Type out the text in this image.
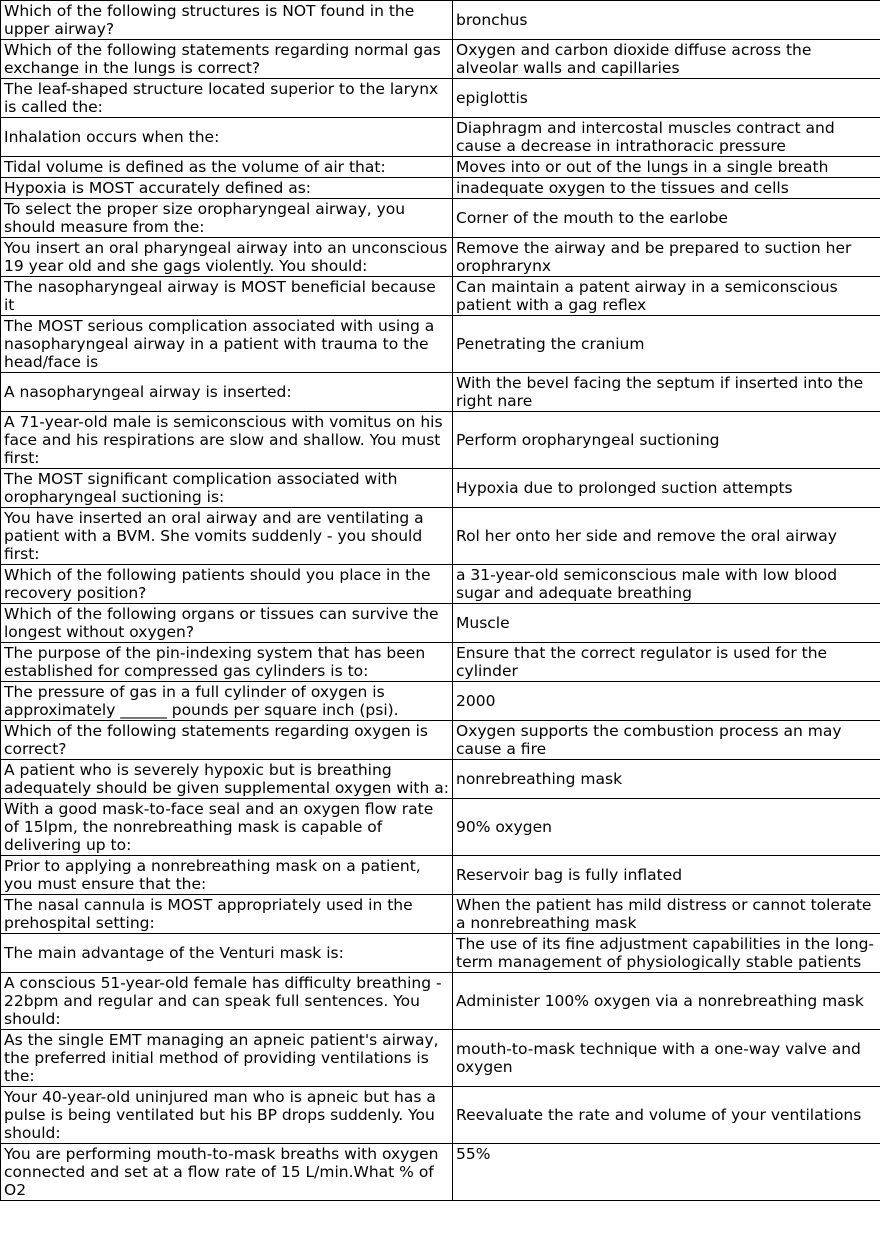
Which of the following structures is NOT found in the upper airway?	bronchus
Which of the following statements regarding normal gas exchange in the lungs is correct?	Oxygen and carbon dioxide diffuse across the alveolar walls and capillaries
The leaf-shaped structure located superior to the larynx is called the:	epiglottis
Inhalation occurs when the:	Diaphragm and intercostal muscles contract and cause a decrease in intrathoracic pressure
Tidal volume is defined as the volume of air that:	Moves into or out of the lungs in a single breath
Hypoxia is MOST accurately defined as:	inadequate oxygen to the tissues and cells
To select the proper size oropharyngeal airway, you should measure from the:	Corner of the mouth to the earlobe
You insert an oral pharyngeal airway into an unconscious 19 year old and she gags violently. You should:	Remove the airway and be prepared to suction her orophrarynx
The nasopharyngeal airway is MOST beneficial because it	Can maintain a patent airway in a semiconscious patient with a gag reflex
The MOST serious complication associated with using a nasopharyngeal airway in a patient with trauma to the head/face is	Penetrating the cranium
A nasopharyngeal airway is inserted:	With the bevel facing the septum if inserted into the right nare
A 71-year-old male is semiconscious with vomitus on his face and his respirations are slow and shallow. You must first:	Perform oropharyngeal suctioning
The MOST significant complication associated with oropharyngeal suctioning is:	Hypoxia due to prolonged suction attempts
You have inserted an oral airway and are ventilating a patient with a BVM. She vomits suddenly - you should first:	Rol her onto her side and remove the oral airway
Which of the following patients should you place in the recovery position?	a 31-year-old semiconscious male with low blood sugar and adequate breathing
Which of the following organs or tissues can survive the longest without oxygen?	Muscle
The purpose of the pin-indexing system that has been established for compressed gas cylinders is to:	Ensure that the correct regulator is used for the cylinder
The pressure of gas in a full cylinder of oxygen is approximately ______ pounds per square inch (psi).	2000
Which of the following statements regarding oxygen is correct?	Oxygen supports the combustion process an may cause a fire
A patient who is severely hypoxic but is breathing adequately should be given supplemental oxygen with a:	nonrebreathing mask
With a good mask-to-face seal and an oxygen flow rate of 15lpm, the nonrebreathing mask is capable of delivering up to:	90% oxygen
Prior to applying a nonrebreathing mask on a patient, you must ensure that the:	Reservoir bag is fully inflated
The nasal cannula is MOST appropriately used in the prehospital setting:	When the patient has mild distress or cannot tolerate a nonrebreathing mask
The main advantage of the Venturi mask is:	The use of its fine adjustment capabilities in the long-term management of physiologically stable patients
A conscious 51-year-old female has difficulty breathing - 22bpm and regular and can speak full sentences. You should:	Administer 100% oxygen via a nonrebreathing mask
As the single EMT managing an apneic patient's airway, the preferred initial method of providing ventilations is the:	mouth-to-mask technique with a one-way valve and oxygen
Your 40-year-old uninjured man who is apneic but has a pulse is being ventilated but his BP drops suddenly. You should:	Reevaluate the rate and volume of your ventilations
You are performing mouth-to-mask breaths with oxygen connected and set at a flow rate of 15 L/min.What % of O2	55%
